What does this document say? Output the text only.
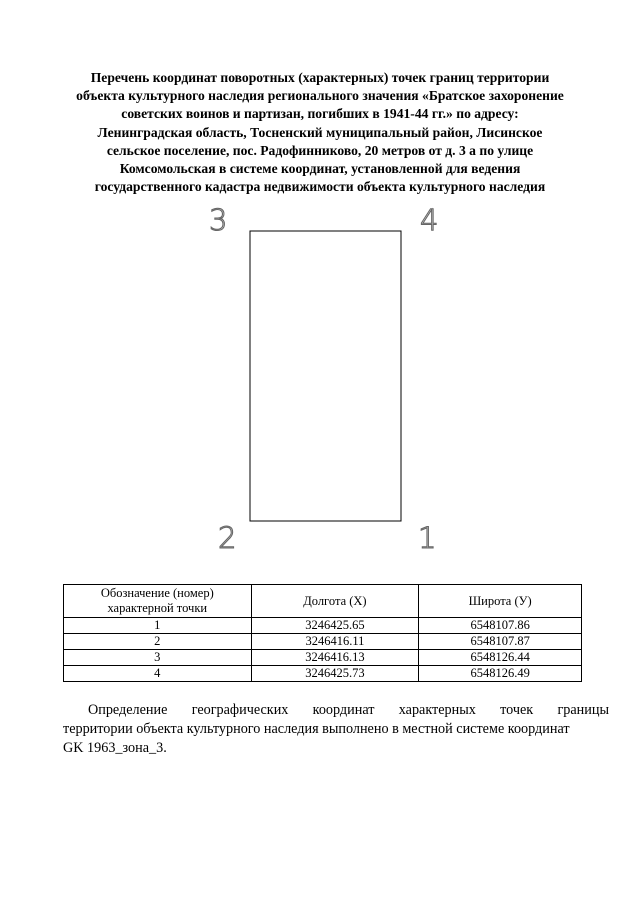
Перечень координат поворотных (характерных) точек границ территории
объекта культурного наследия регионального значения «Братское захоронение
советских воинов и партизан, погибших в 1941-44 гг.» по адресу:
Ленинградская область, Тосненский муниципальный район, Лисинское
сельское поселение, пос. Радофинниково, 20 метров от д. 3 а по улице
Комсомольская в системе координат, установленной для ведения
государственного кадастра недвижимости объекта культурного наследия
3	4
2	1
Обозначение (номер)
характерной точки	Долгота (X)	Широта (У)
1	3246425.65	6548107.86
2	3246416.11	6548107.87
3	3246416.13	6548126.44
4	3246425.73	6548126.49
Определение географических координат характерных точек границы
территории объекта культурного наследия выполнено в местной системе координат
GK 1963_зона_3.
